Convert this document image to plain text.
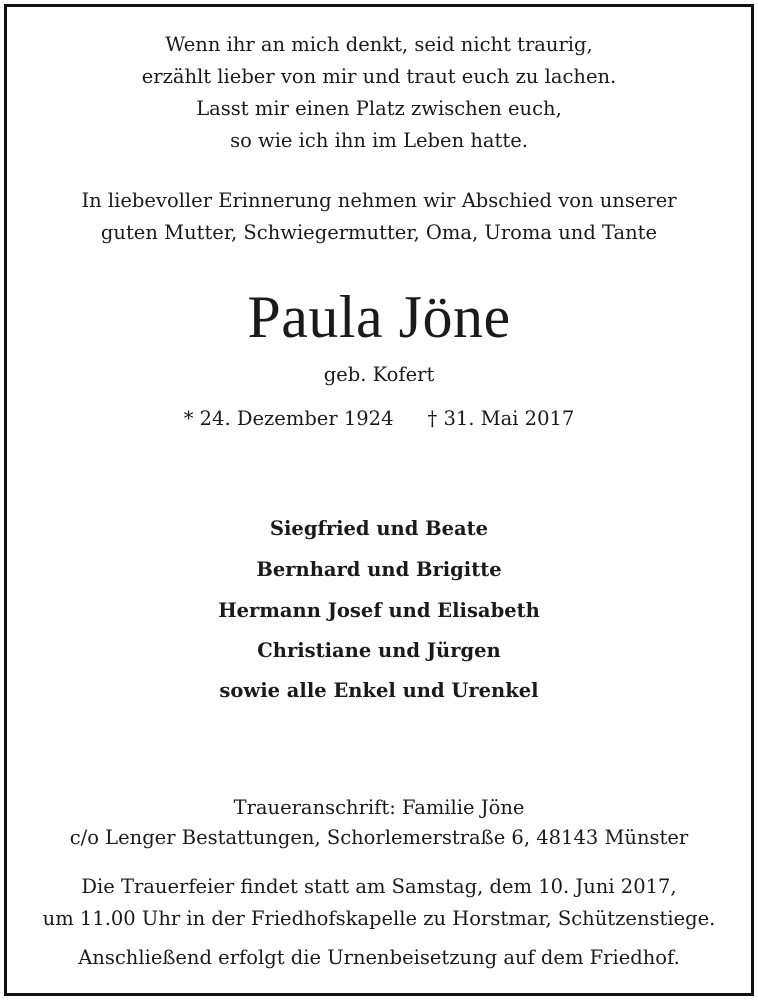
Wenn ihr an mich denkt, seid nicht traurig,
erzählt lieber von mir und traut euch zu lachen.
Lasst mir einen Platz zwischen euch,
so wie ich ihn im Leben hatte.
In liebevoller Erinnerung nehmen wir Abschied von unserer
guten Mutter, Schwiegermutter, Oma, Uroma und Tante
Paula Jöne
geb. Kofert
* 24. Dezember 1924 † 31. Mai 2017
Siegfried und Beate
Bernhard und Brigitte
Hermann Josef und Elisabeth
Christiane und Jürgen
sowie alle Enkel und Urenkel
Traueranschrift: Familie Jöne
c/o Lenger Bestattungen, Schorlemerstraße 6, 48143 Münster
Die Trauerfeier findet statt am Samstag, dem 10. Juni 2017,
um 11.00 Uhr in der Friedhofskapelle zu Horstmar, Schützenstiege.
Anschließend erfolgt die Urnenbeisetzung auf dem Friedhof.
